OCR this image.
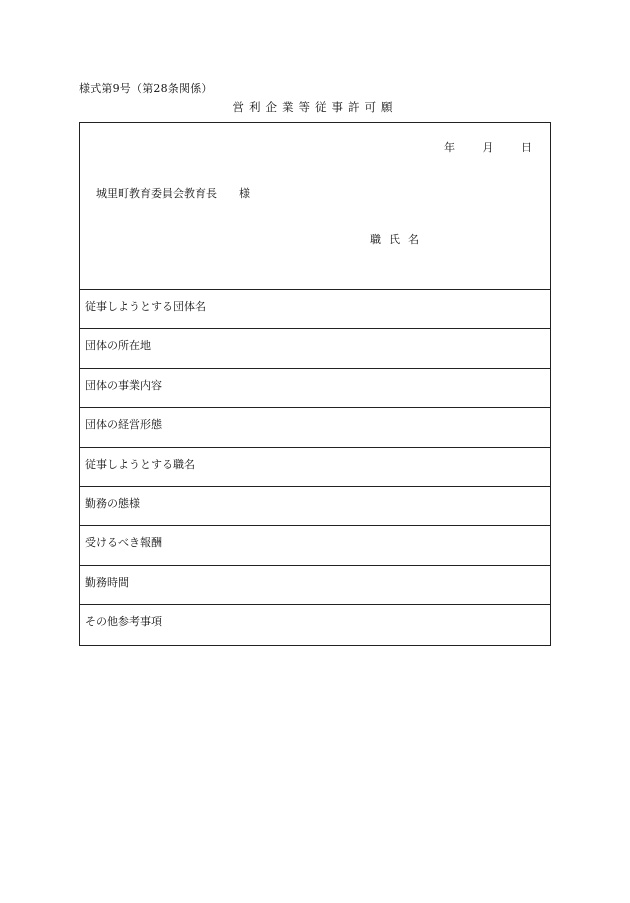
様式第9号（第28条関係）
営利企業等従事許可願
年	月	日
城里町教育委員会教育長 様
職氏名
従事しようとする団体名
団体の所在地
団体の事業内容
団体の経営形態
従事しようとする職名
勤務の態様
受けるべき報酬
勤務時間
その他参考事項
